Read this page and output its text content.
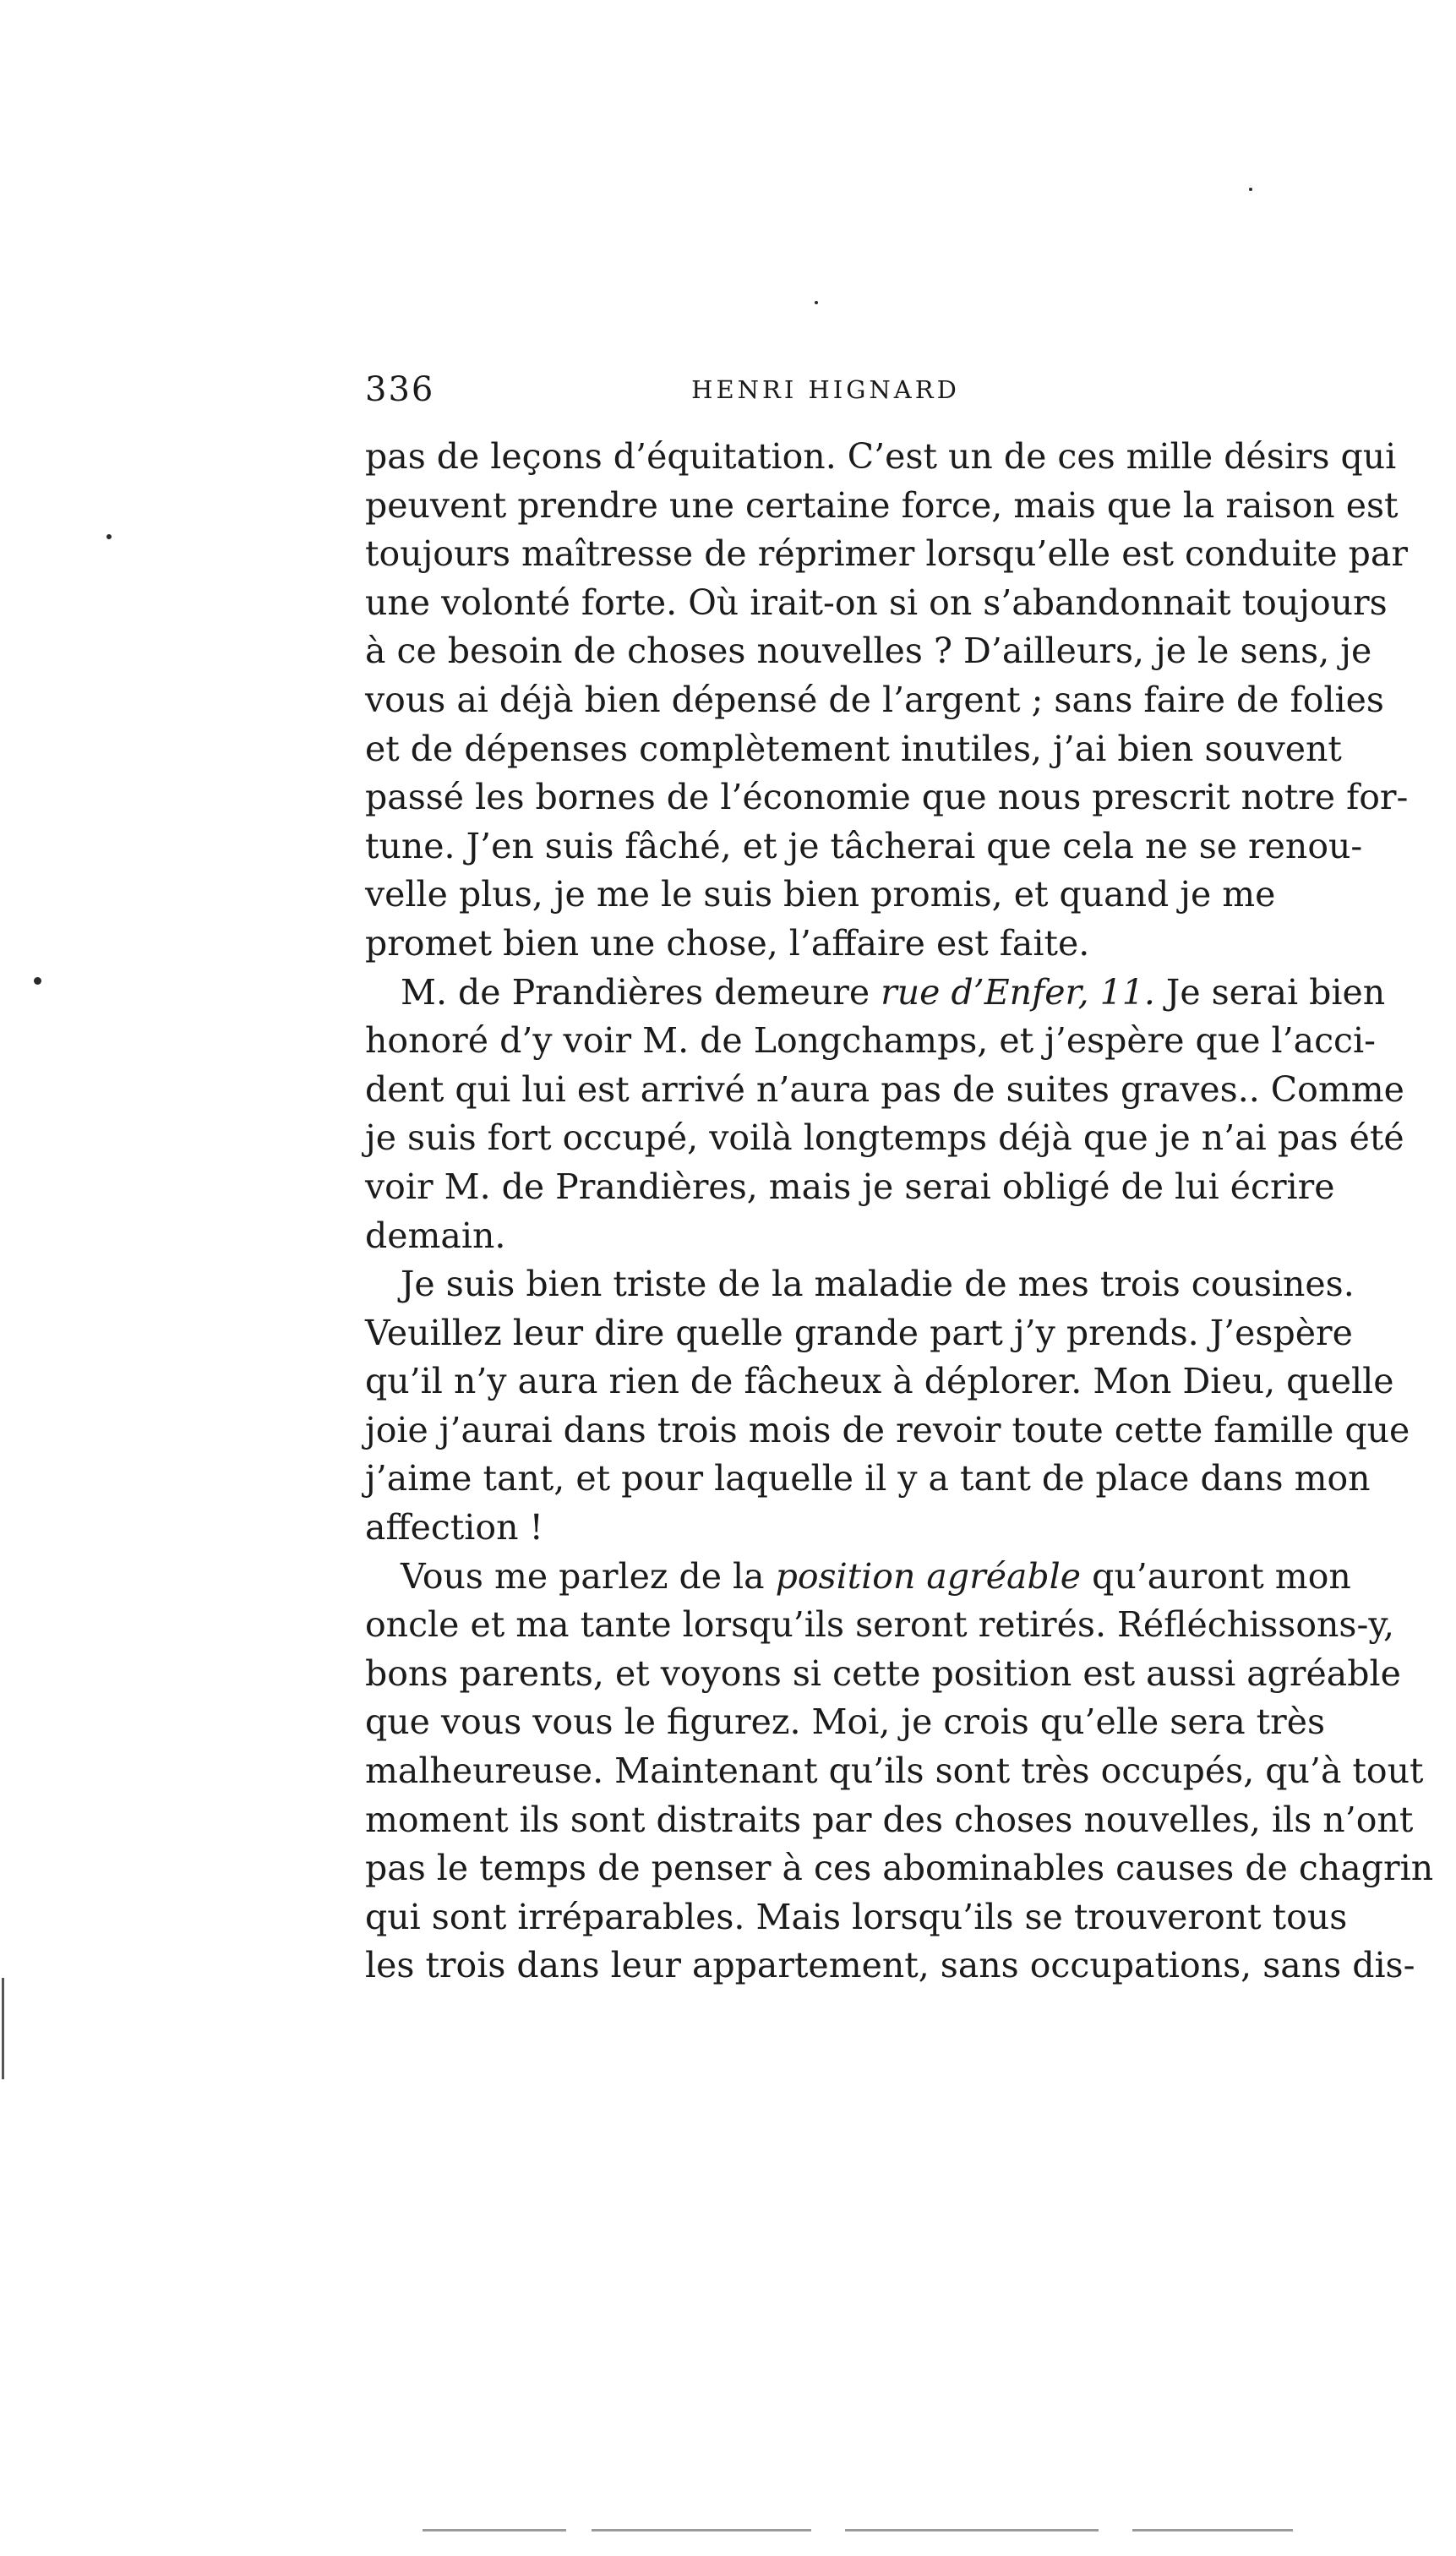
336	HENRI HIGNARD

pas de leçons d’équitation. C’est un de ces mille désirs qui
peuvent prendre une certaine force, mais que la raison est
toujours maîtresse de réprimer lorsqu’elle est conduite par
une volonté forte. Où irait-on si on s’abandonnait toujours
à ce besoin de choses nouvelles ? D’ailleurs, je le sens, je
vous ai déjà bien dépensé de l’argent ; sans faire de folies
et de dépenses complètement inutiles, j’ai bien souvent
passé les bornes de l’économie que nous prescrit notre for-
tune. J’en suis fâché, et je tâcherai que cela ne se renou-
velle plus, je me le suis bien promis, et quand je me
promet bien une chose, l’affaire est faite.

M. de Prandières demeure rue d’Enfer, 11. Je serai bien
honoré d’y voir M. de Longchamps, et j’espère que l’acci-
dent qui lui est arrivé n’aura pas de suites graves.. Comme
je suis fort occupé, voilà longtemps déjà que je n’ai pas été
voir M. de Prandières, mais je serai obligé de lui écrire
demain.

Je suis bien triste de la maladie de mes trois cousines.
Veuillez leur dire quelle grande part j’y prends. J’espère
qu’il n’y aura rien de fâcheux à déplorer. Mon Dieu, quelle
joie j’aurai dans trois mois de revoir toute cette famille que
j’aime tant, et pour laquelle il y a tant de place dans mon
affection !

Vous me parlez de la position agréable qu’auront mon
oncle et ma tante lorsqu’ils seront retirés. Réfléchissons-y,
bons parents, et voyons si cette position est aussi agréable
que vous vous le figurez. Moi, je crois qu’elle sera très
malheureuse. Maintenant qu’ils sont très occupés, qu’à tout
moment ils sont distraits par des choses nouvelles, ils n’ont
pas le temps de penser à ces abominables causes de chagrin
qui sont irréparables. Mais lorsqu’ils se trouveront tous
les trois dans leur appartement, sans occupations, sans dis-
